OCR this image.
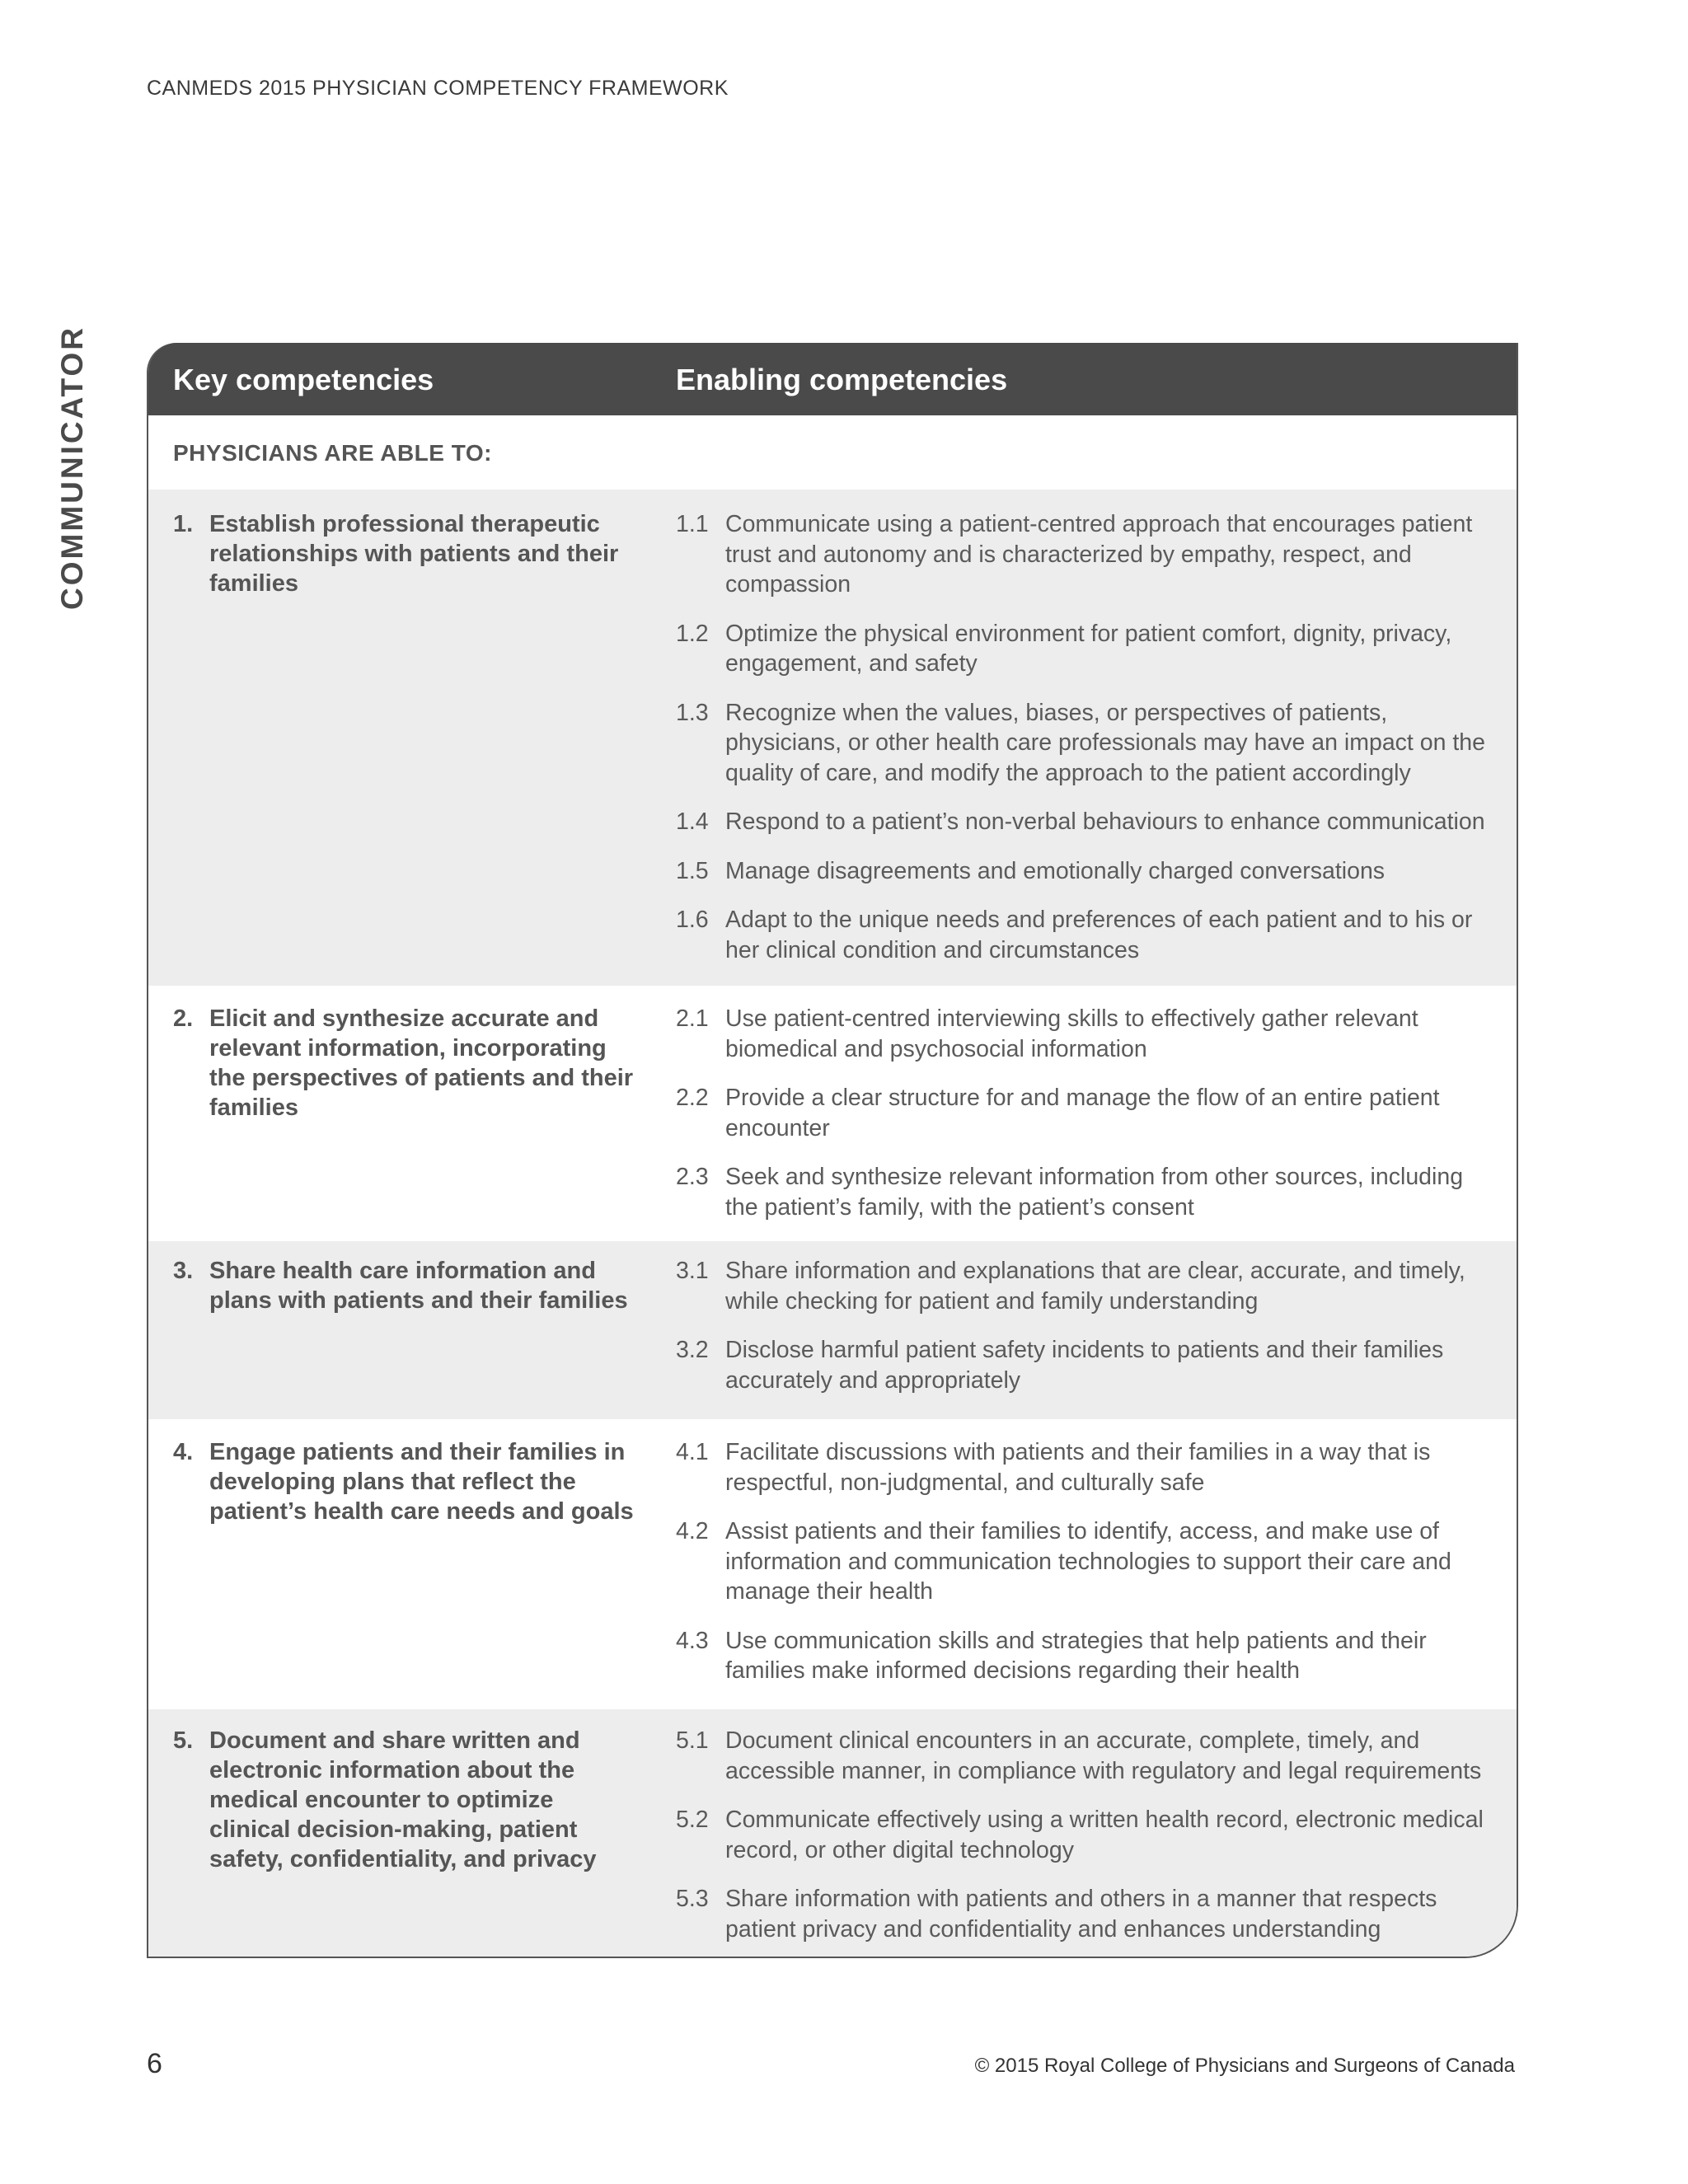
CANMEDS 2015 PHYSICIAN COMPETENCY FRAMEWORK
COMMUNICATOR	Key competencies	Enabling competencies
PHYSICIANS ARE ABLE TO:
1. Establish professional therapeutic relationships with patients and their families
1.1 Communicate using a patient-centred approach that encourages patient trust and autonomy and is characterized by empathy, respect, and compassion
1.2 Optimize the physical environment for patient comfort, dignity, privacy, engagement, and safety
1.3 Recognize when the values, biases, or perspectives of patients, physicians, or other health care professionals may have an impact on the quality of care, and modify the approach to the patient accordingly
1.4 Respond to a patient’s non-verbal behaviours to enhance communication
1.5 Manage disagreements and emotionally charged conversations
1.6 Adapt to the unique needs and preferences of each patient and to his or her clinical condition and circumstances
2. Elicit and synthesize accurate and relevant information, incorporating the perspectives of patients and their families
2.1 Use patient-centred interviewing skills to effectively gather relevant biomedical and psychosocial information
2.2 Provide a clear structure for and manage the flow of an entire patient encounter
2.3 Seek and synthesize relevant information from other sources, including the patient’s family, with the patient’s consent
3. Share health care information and plans with patients and their families
3.1 Share information and explanations that are clear, accurate, and timely, while checking for patient and family understanding
3.2 Disclose harmful patient safety incidents to patients and their families accurately and appropriately
4. Engage patients and their families in developing plans that reflect the patient’s health care needs and goals
4.1 Facilitate discussions with patients and their families in a way that is respectful, non-judgmental, and culturally safe
4.2 Assist patients and their families to identify, access, and make use of information and communication technologies to support their care and manage their health
4.3 Use communication skills and strategies that help patients and their families make informed decisions regarding their health
5. Document and share written and electronic information about the medical encounter to optimize clinical decision-making, patient safety, confidentiality, and privacy
5.1 Document clinical encounters in an accurate, complete, timely, and accessible manner, in compliance with regulatory and legal requirements
5.2 Communicate effectively using a written health record, electronic medical record, or other digital technology
5.3 Share information with patients and others in a manner that respects patient privacy and confidentiality and enhances understanding
6	© 2015 Royal College of Physicians and Surgeons of Canada
